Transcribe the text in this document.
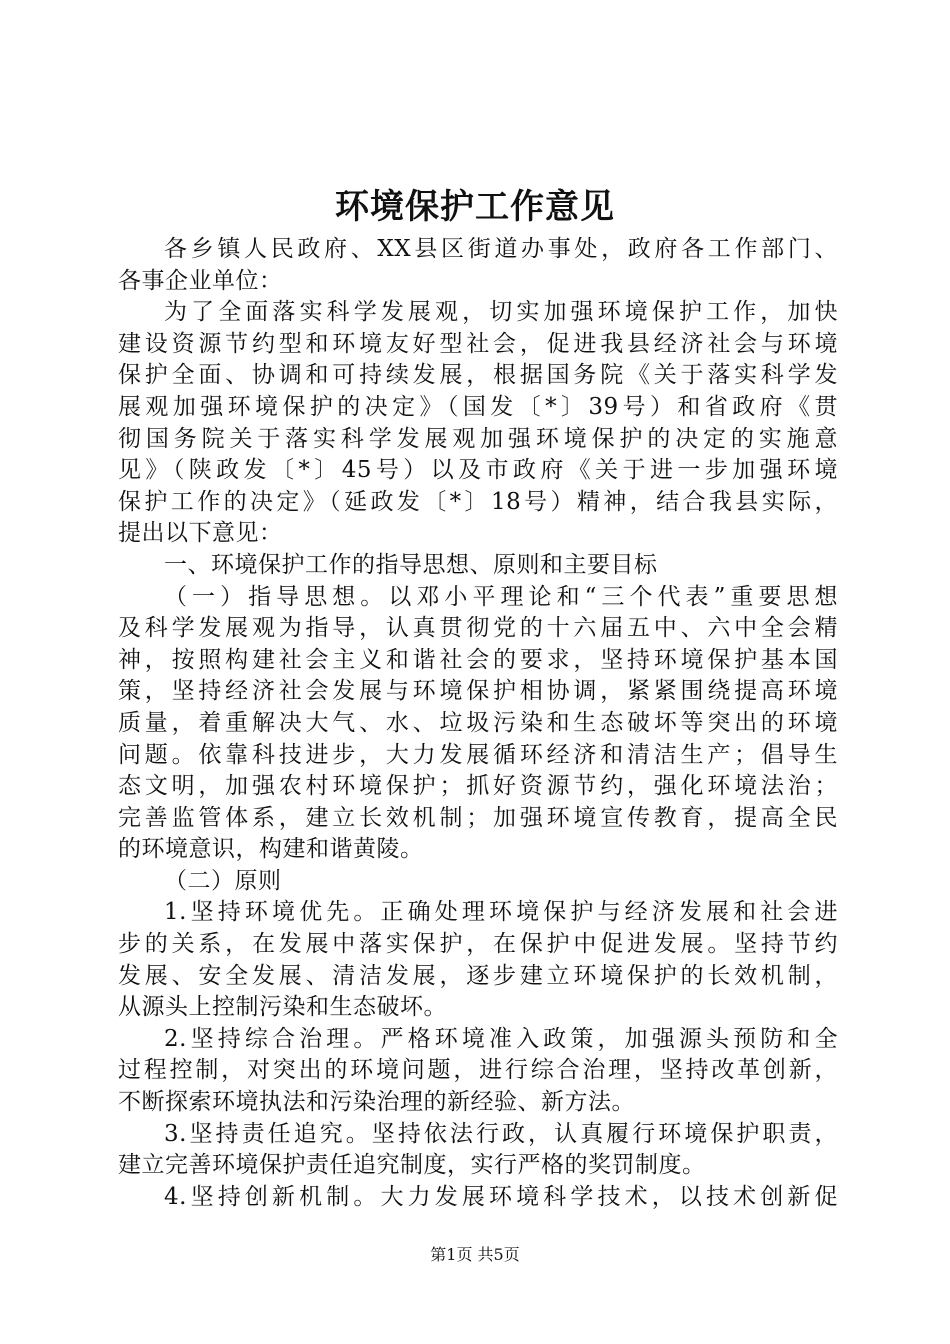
环境保护工作意见
各乡镇人民政府、XX县区街道办事处，政府各工作部门、
各事企业单位：
为了全面落实科学发展观，切实加强环境保护工作，加快
建设资源节约型和环境友好型社会，促进我县经济社会与环境
保护全面、协调和可持续发展，根据国务院《关于落实科学发
展观加强环境保护的决定》（国发〔*〕39号）和省政府《贯
彻国务院关于落实科学发展观加强环境保护的决定的实施意
见》（陕政发〔*〕45号）以及市政府《关于进一步加强环境
保护工作的决定》（延政发〔*〕18号）精神，结合我县实际，
提出以下意见：
一、环境保护工作的指导思想、原则和主要目标
（一）指导思想。以邓小平理论和“三个代表”重要思想
及科学发展观为指导，认真贯彻党的十六届五中、六中全会精
神，按照构建社会主义和谐社会的要求，坚持环境保护基本国
策，坚持经济社会发展与环境保护相协调，紧紧围绕提高环境
质量，着重解决大气、水、垃圾污染和生态破坏等突出的环境
问题。依靠科技进步，大力发展循环经济和清洁生产；倡导生
态文明，加强农村环境保护；抓好资源节约，强化环境法治；
完善监管体系，建立长效机制；加强环境宣传教育，提高全民
的环境意识，构建和谐黄陵。
（二）原则
1.坚持环境优先。正确处理环境保护与经济发展和社会进
步的关系，在发展中落实保护，在保护中促进发展。坚持节约
发展、安全发展、清洁发展，逐步建立环境保护的长效机制，
从源头上控制污染和生态破坏。
2.坚持综合治理。严格环境准入政策，加强源头预防和全
过程控制，对突出的环境问题，进行综合治理，坚持改革创新，
不断探索环境执法和污染治理的新经验、新方法。
3.坚持责任追究。坚持依法行政，认真履行环境保护职责，
建立完善环境保护责任追究制度，实行严格的奖罚制度。
4.坚持创新机制。大力发展环境科学技术，以技术创新促
第1页 共5页
